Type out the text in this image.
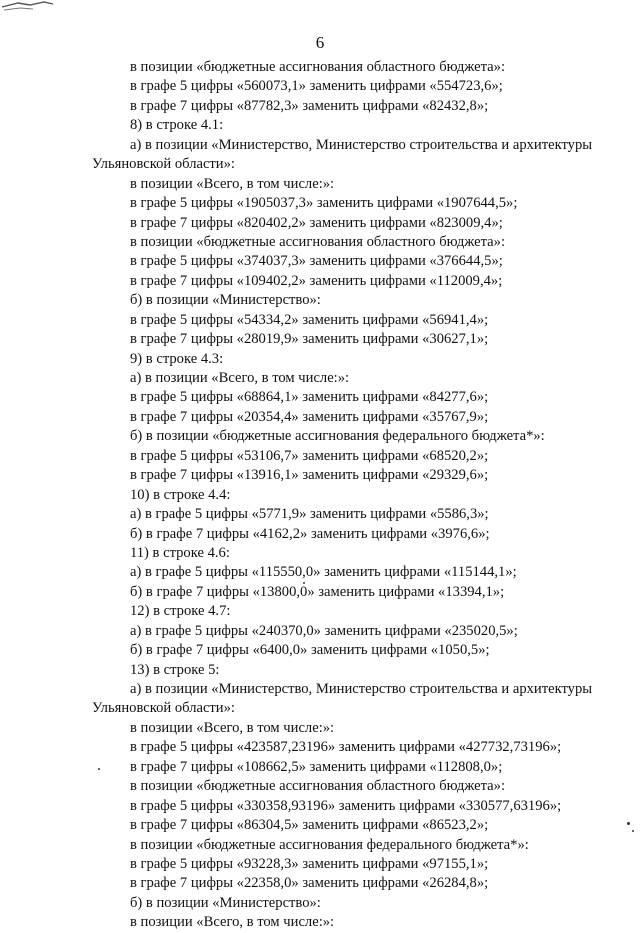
6
в позиции «бюджетные ассигнования областного бюджета»:
в графе 5 цифры «560073,1» заменить цифрами «554723,6»;
в графе 7 цифры «87782,3» заменить цифрами «82432,8»;
8) в строке 4.1:
а) в позиции «Министерство, Министерство строительства и архитектуры
Ульяновской области»:
в позиции «Всего, в том числе:»:
в графе 5 цифры «1905037,3» заменить цифрами «1907644,5»;
в графе 7 цифры «820402,2» заменить цифрами «823009,4»;
в позиции «бюджетные ассигнования областного бюджета»:
в графе 5 цифры «374037,3» заменить цифрами «376644,5»;
в графе 7 цифры «109402,2» заменить цифрами «112009,4»;
б) в позиции «Министерство»:
в графе 5 цифры «54334,2» заменить цифрами «56941,4»;
в графе 7 цифры «28019,9» заменить цифрами «30627,1»;
9) в строке 4.3:
а) в позиции «Всего, в том числе:»:
в графе 5 цифры «68864,1» заменить цифрами «84277,6»;
в графе 7 цифры «20354,4» заменить цифрами «35767,9»;
б) в позиции «бюджетные ассигнования федерального бюджета*»:
в графе 5 цифры «53106,7» заменить цифрами «68520,2»;
в графе 7 цифры «13916,1» заменить цифрами «29329,6»;
10) в строке 4.4:
а) в графе 5 цифры «5771,9» заменить цифрами «5586,3»;
б) в графе 7 цифры «4162,2» заменить цифрами «3976,6»;
11) в строке 4.6:
а) в графе 5 цифры «115550,0» заменить цифрами «115144,1»;
б) в графе 7 цифры «13800,0» заменить цифрами «13394,1»;
12) в строке 4.7:
а) в графе 5 цифры «240370,0» заменить цифрами «235020,5»;
б) в графе 7 цифры «6400,0» заменить цифрами «1050,5»;
13) в строке 5:
а) в позиции «Министерство, Министерство строительства и архитектуры
Ульяновской области»:
в позиции «Всего, в том числе:»:
в графе 5 цифры «423587,23196» заменить цифрами «427732,73196»;
в графе 7 цифры «108662,5» заменить цифрами «112808,0»;
в позиции «бюджетные ассигнования областного бюджета»:
в графе 5 цифры «330358,93196» заменить цифрами «330577,63196»;
в графе 7 цифры «86304,5» заменить цифрами «86523,2»;
в позиции «бюджетные ассигнования федерального бюджета*»:
в графе 5 цифры «93228,3» заменить цифрами «97155,1»;
в графе 7 цифры «22358,0» заменить цифрами «26284,8»;
б) в позиции «Министерство»:
в позиции «Всего, в том числе:»:
